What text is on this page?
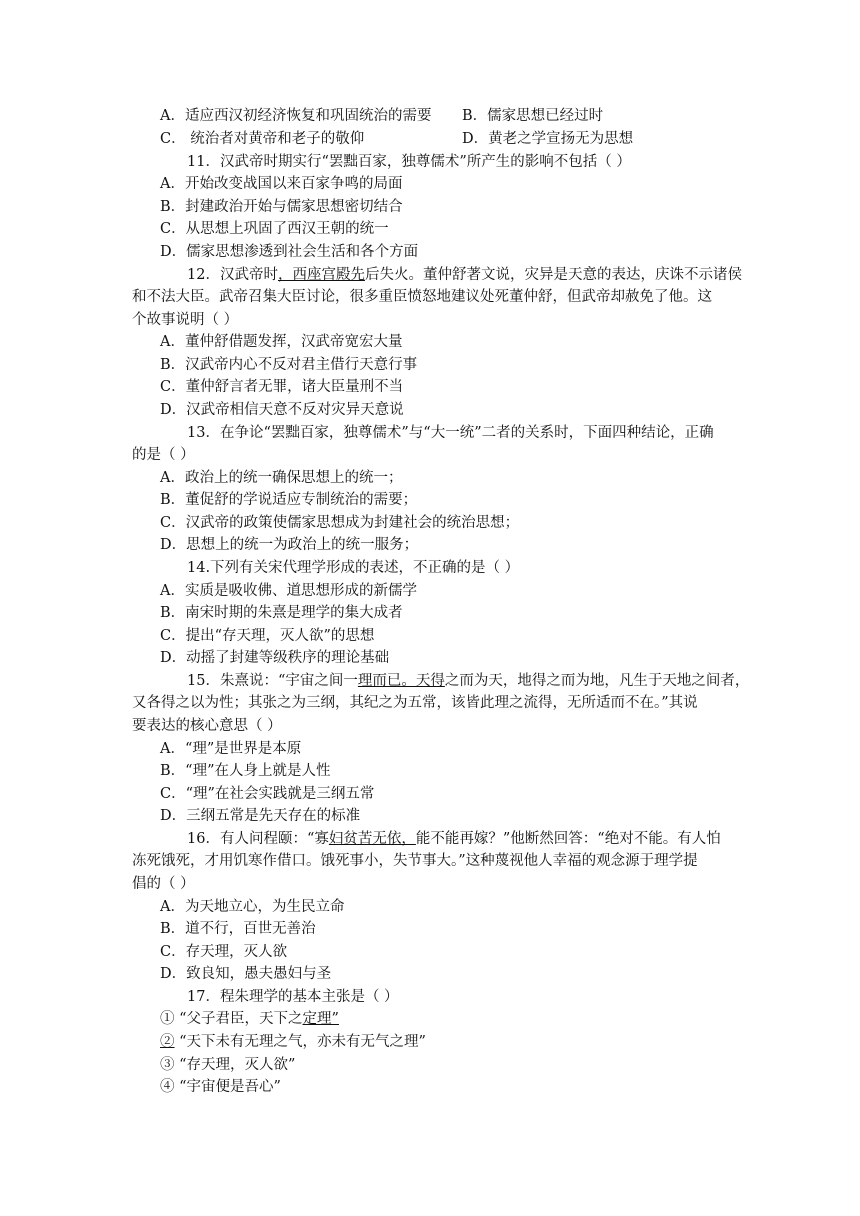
A．适应西汉初经济恢复和巩固统治的需要 B．儒家思想已经过时
C． 统治者对黄帝和老子的敬仰	D．黄老之学宣扬无为思想
11．汉武帝时期实行“罢黜百家，独尊儒术”所产生的影响不包括（ ）
A．开始改变战国以来百家争鸣的局面
B．封建政治开始与儒家思想密切结合
C．从思想上巩固了西汉王朝的统一
D．儒家思想渗透到社会生活和各个方面
12．汉武帝时，西座宫殿先后失火。董仲舒著文说，灾异是天意的表达，庆诛不示诸侯
和不法大臣。武帝召集大臣讨论，很多重臣愤怒地建议处死董仲舒，但武帝却赦免了他。这
个故事说明（ ）
A．董仲舒借题发挥，汉武帝宽宏大量
B．汉武帝内心不反对君主借行天意行事
C．董仲舒言者无罪，诸大臣量刑不当
D．汉武帝相信天意不反对灾异天意说
13．在争论“罢黜百家，独尊儒术”与“大一统”二者的关系时，下面四种结论，正确
的是（ ）
A．政治上的统一确保思想上的统一；
B．董促舒的学说适应专制统治的需要；
C．汉武帝的政策使儒家思想成为封建社会的统治思想；
D．思想上的统一为政治上的统一服务；
14.下列有关宋代理学形成的表述，不正确的是（ ）
A．实质是吸收佛、道思想形成的新儒学
B．南宋时期的朱熹是理学的集大成者
C．提出“存天理，灭人欲”的思想
D．动摇了封建等级秩序的理论基础
15．朱熹说：“宇宙之间一理而已。天得之而为天，地得之而为地，凡生于天地之间者，
又各得之以为性；其张之为三纲，其纪之为五常，该皆此理之流得，无所适而不在。”其说
要表达的核心意思（ ）
A．“理”是世界是本原
B．“理”在人身上就是人性
C．“理”在社会实践就是三纲五常
D．三纲五常是先天存在的标准
16．有人问程颐：“寡妇贫苦无依，能不能再嫁？”他断然回答：“绝对不能。有人怕
冻死饿死，才用饥寒作借口。饿死事小，失节事大。”这种蔑视他人幸福的观念源于理学提
倡的（ ）
A．为天地立心，为生民立命
B．道不行，百世无善治
C．存天理，灭人欲
D．致良知，愚夫愚妇与圣
17．程朱理学的基本主张是（ ）
① “父子君臣，天下之定理”
② “天下未有无理之气，亦未有无气之理”
③ “存天理，灭人欲”
④ “宇宙便是吾心”
